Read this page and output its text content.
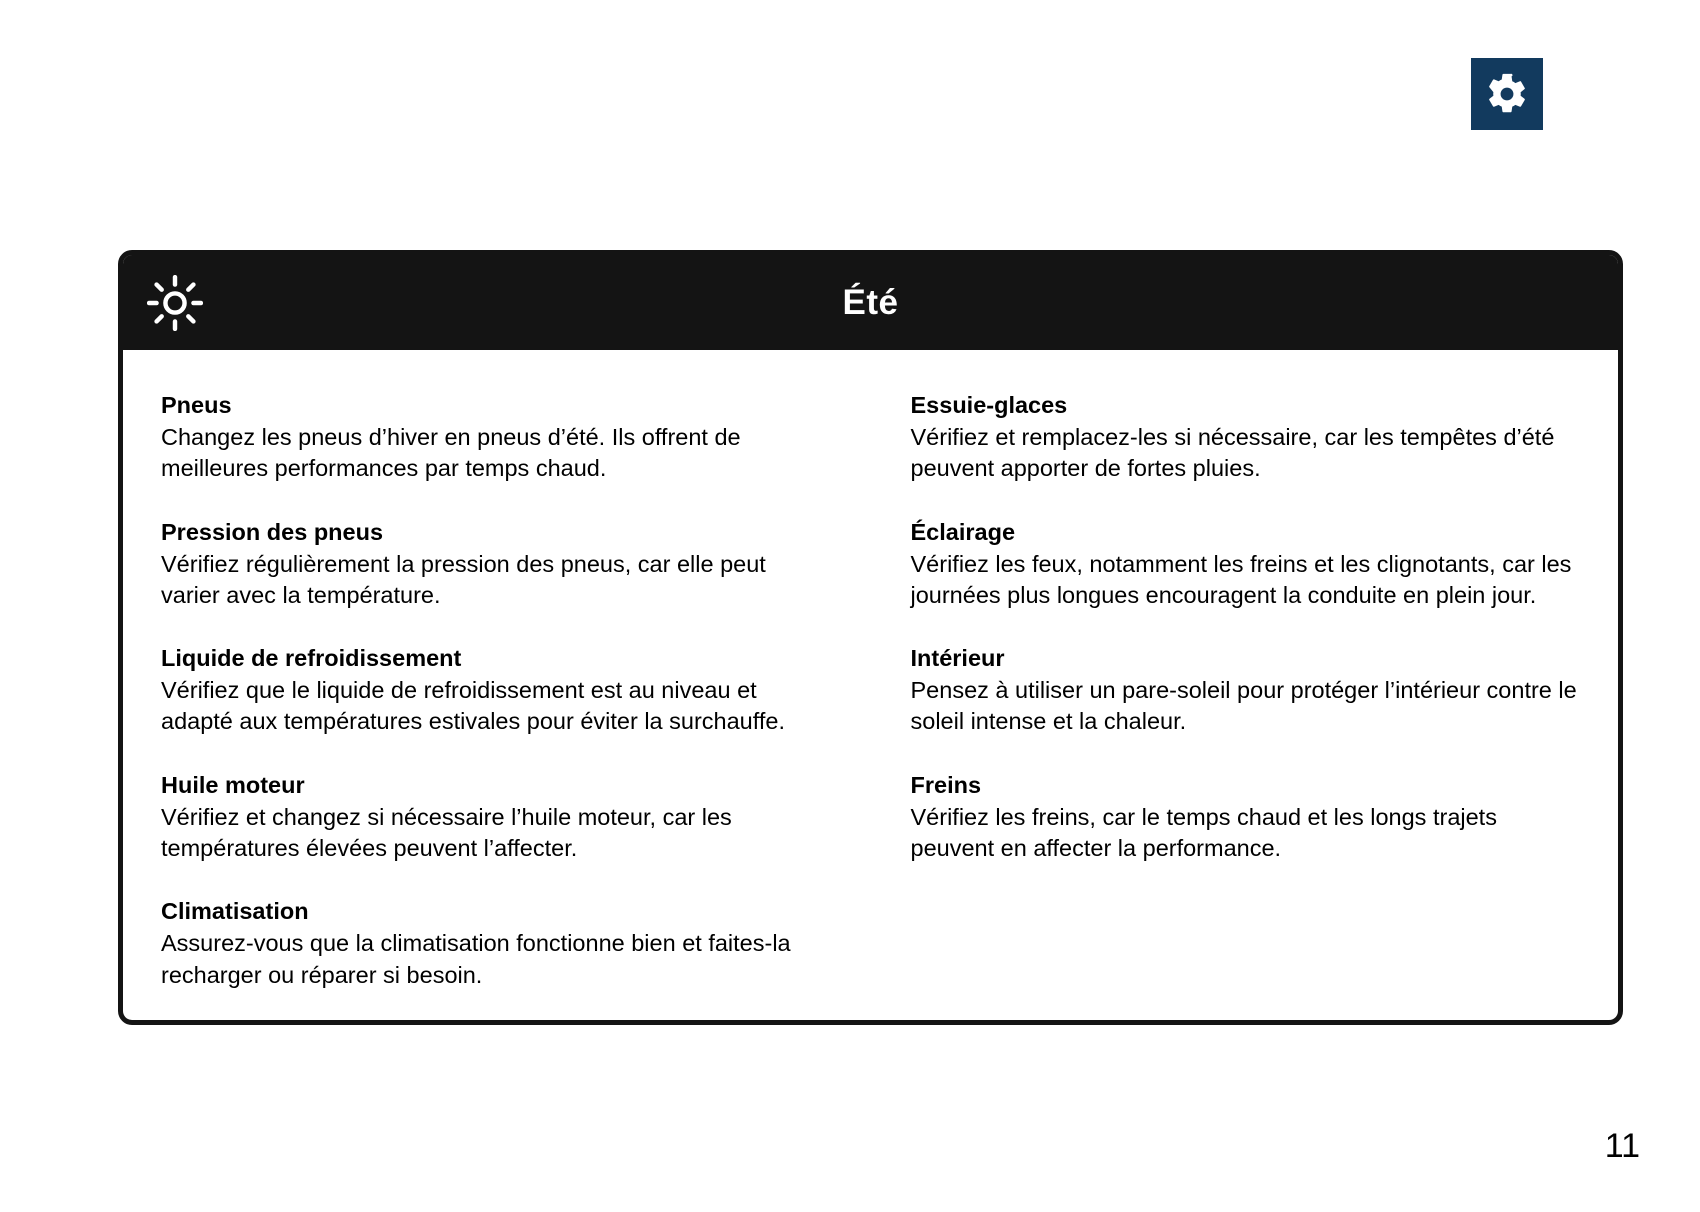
Été
Pneus
Changez les pneus d’hiver en pneus d’été. Ils offrent de meilleures performances par temps chaud.
Pression des pneus
Vérifiez régulièrement la pression des pneus, car elle peut varier avec la température.
Liquide de refroidissement
Vérifiez que le liquide de refroidissement est au niveau et adapté aux températures estivales pour éviter la surchauffe.
Huile moteur
Vérifiez et changez si nécessaire l’huile moteur, car les températures élevées peuvent l’affecter.
Climatisation
Assurez-vous que la climatisation fonctionne bien et faites-la recharger ou réparer si besoin.
Essuie-glaces
Vérifiez et remplacez-les si nécessaire, car les tempêtes d’été peuvent apporter de fortes pluies.
Éclairage
Vérifiez les feux, notamment les freins et les clignotants, car les journées plus longues encouragent la conduite en plein jour.
Intérieur
Pensez à utiliser un pare-soleil pour protéger l’intérieur contre le soleil intense et la chaleur.
Freins
Vérifiez les freins, car le temps chaud et les longs trajets peuvent en affecter la performance.
11
